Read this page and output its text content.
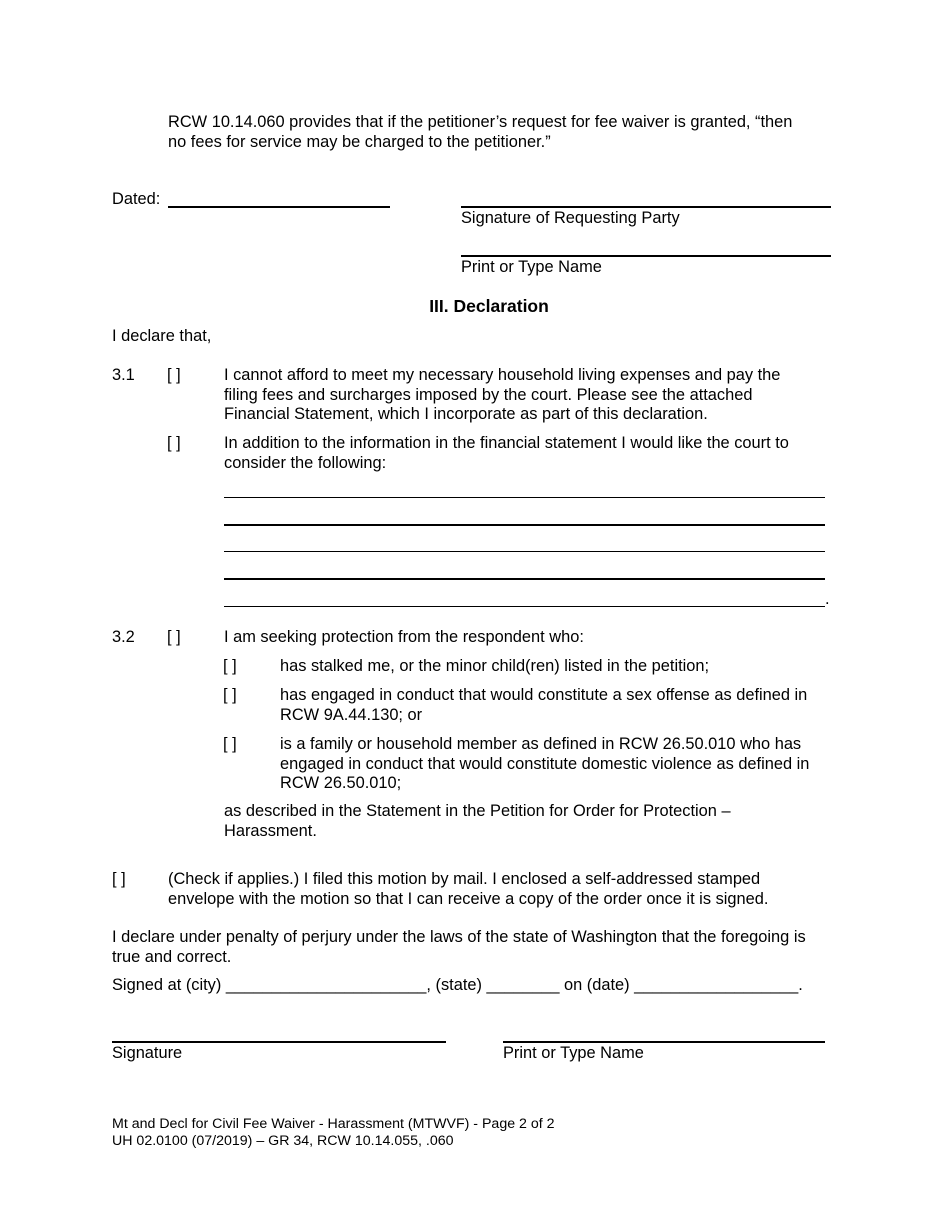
RCW 10.14.060 provides that if the petitioner’s request for fee waiver is granted, “then
no fees for service may be charged to the petitioner.”
Dated:
Signature of Requesting Party
Print or Type Name
III. Declaration
I declare that,
3.1 [ ]	I cannot afford to meet my necessary household living expenses and pay the
filing fees and surcharges imposed by the court. Please see the attached
Financial Statement, which I incorporate as part of this declaration.
[ ]	In addition to the information in the financial statement I would like the court to
consider the following:
.
3.2 [ ]	I am seeking protection from the respondent who:
[ ]	has stalked me, or the minor child(ren) listed in the petition;
[ ]	has engaged in conduct that would constitute a sex offense as defined in
RCW 9A.44.130; or
[ ]	is a family or household member as defined in RCW 26.50.010 who has
engaged in conduct that would constitute domestic violence as defined in
RCW 26.50.010;
as described in the Statement in the Petition for Order for Protection –
Harassment.
[ ]	(Check if applies.) I filed this motion by mail. I enclosed a self-addressed stamped
envelope with the motion so that I can receive a copy of the order once it is signed.
I declare under penalty of perjury under the laws of the state of Washington that the foregoing is
true and correct.
Signed at (city) ______________________, (state) ________ on (date) __________________.
Signature	Print or Type Name
Mt and Decl for Civil Fee Waiver - Harassment (MTWVF) - Page 2 of 2
UH 02.0100 (07/2019) – GR 34, RCW 10.14.055, .060
